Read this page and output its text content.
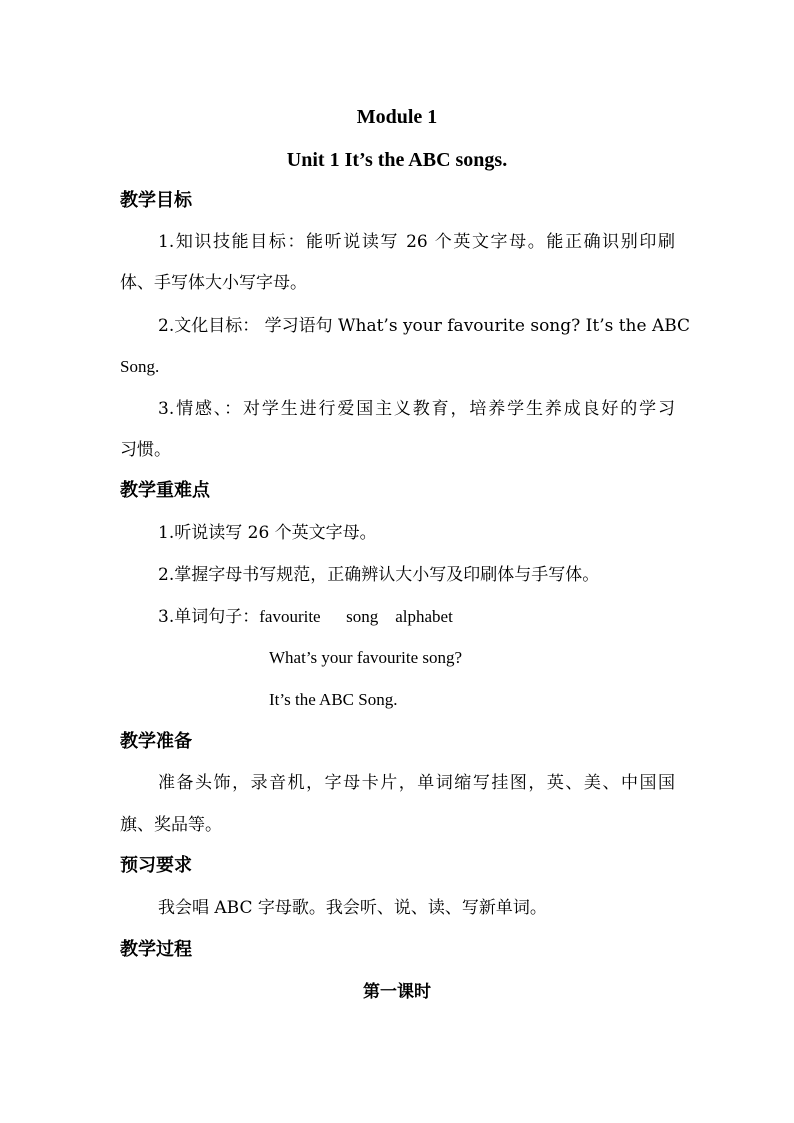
Module 1
Unit 1 It’s the ABC songs.
教学目标
1.知识技能目标：能听说读写 26 个英文字母。能正确识别印刷
体、手写体大小写字母。
2.文化目标： 学习语句 What’s your favourite song? It’s the ABC
Song.
3.情感、：对学生进行爱国主义教育，培养学生养成良好的学习
习惯。
教学重难点
1.听说读写 26 个英文字母。
2.掌握字母书写规范，正确辨认大小写及印刷体与手写体。
3.单词句子：favourite      song    alphabet
What’s your favourite song?
It’s the ABC Song.
教学准备
准备头饰，录音机，字母卡片，单词缩写挂图，英、美、中国国
旗、奖品等。
预习要求
我会唱 ABC 字母歌。我会听、说、读、写新单词。
教学过程
第一课时
